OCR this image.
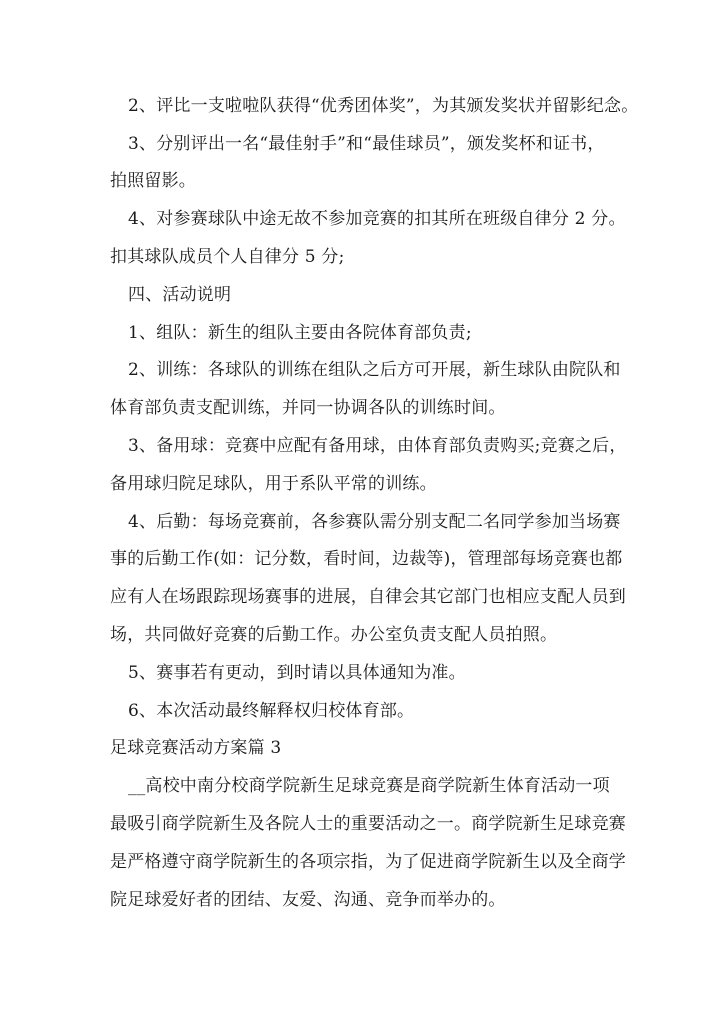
2、评比一支啦啦队获得“优秀团体奖”，为其颁发奖状并留影纪念。
3、分别评出一名“最佳射手”和“最佳球员”，颁发奖杯和证书，
拍照留影。
4、对参赛球队中途无故不参加竞赛的扣其所在班级自律分 2 分。
扣其球队成员个人自律分 5 分;
四、活动说明
1、组队：新生的组队主要由各院体育部负责;
2、训练：各球队的训练在组队之后方可开展，新生球队由院队和
体育部负责支配训练，并同一协调各队的训练时间。
3、备用球：竞赛中应配有备用球，由体育部负责购买;竞赛之后，
备用球归院足球队，用于系队平常的训练。
4、后勤：每场竞赛前，各参赛队需分别支配二名同学参加当场赛
事的后勤工作(如：记分数，看时间，边裁等)，管理部每场竞赛也都
应有人在场跟踪现场赛事的进展，自律会其它部门也相应支配人员到
场，共同做好竞赛的后勤工作。办公室负责支配人员拍照。
5、赛事若有更动，到时请以具体通知为准。
6、本次活动最终解释权归校体育部。
足球竞赛活动方案篇 3
__高校中南分校商学院新生足球竞赛是商学院新生体育活动一项
最吸引商学院新生及各院人士的重要活动之一。商学院新生足球竞赛
是严格遵守商学院新生的各项宗指，为了促进商学院新生以及全商学
院足球爱好者的团结、友爱、沟通、竞争而举办的。
